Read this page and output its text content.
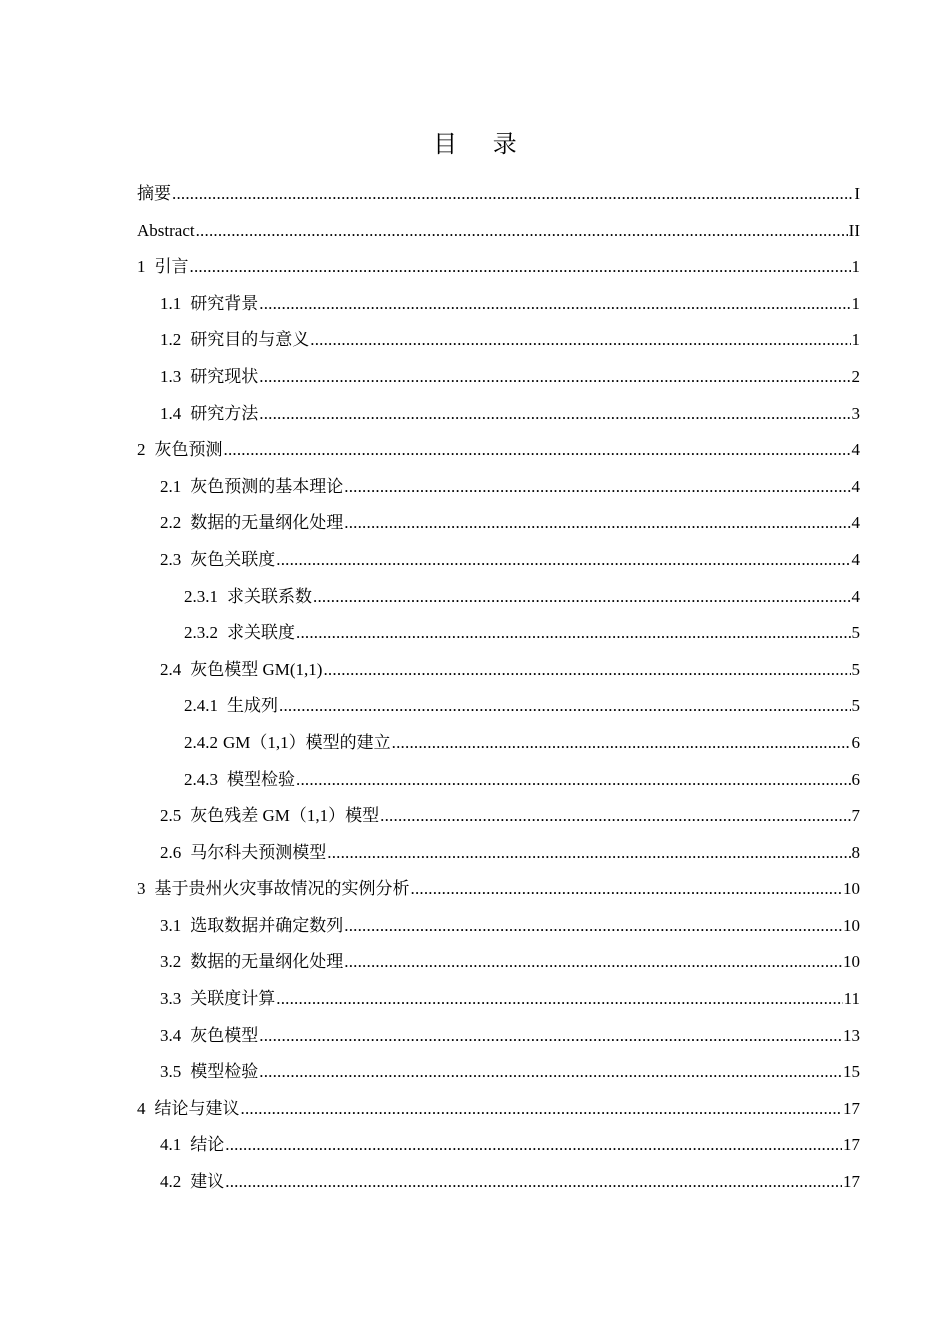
目 录
摘要 .....	I
Abstract .....	II
1 引言 .....	1
1.1 研究背景 .....	1
1.2 研究目的与意义 .....	1
1.3 研究现状 .....	2
1.4 研究方法 .....	3
2 灰色预测 .....	4
2.1 灰色预测的基本理论 .....	4
2.2 数据的无量纲化处理 .....	4
2.3 灰色关联度 .....	4
2.3.1 求关联系数 .....	4
2.3.2 求关联度 .....	5
2.4 灰色模型 GM(1,1) .....	5
2.4.1 生成列 .....	5
2.4.2 GM（1,1）模型的建立 .....	6
2.4.3 模型检验 .....	6
2.5 灰色残差 GM（1,1）模型 .....	7
2.6 马尔科夫预测模型 .....	8
3 基于贵州火灾事故情况的实例分析 .....	10
3.1 选取数据并确定数列 .....	10
3.2 数据的无量纲化处理 .....	10
3.3 关联度计算 .....	11
3.4 灰色模型 .....	13
3.5 模型检验 .....	15
4 结论与建议 .....	17
4.1 结论 .....	17
4.2 建议 .....	17
